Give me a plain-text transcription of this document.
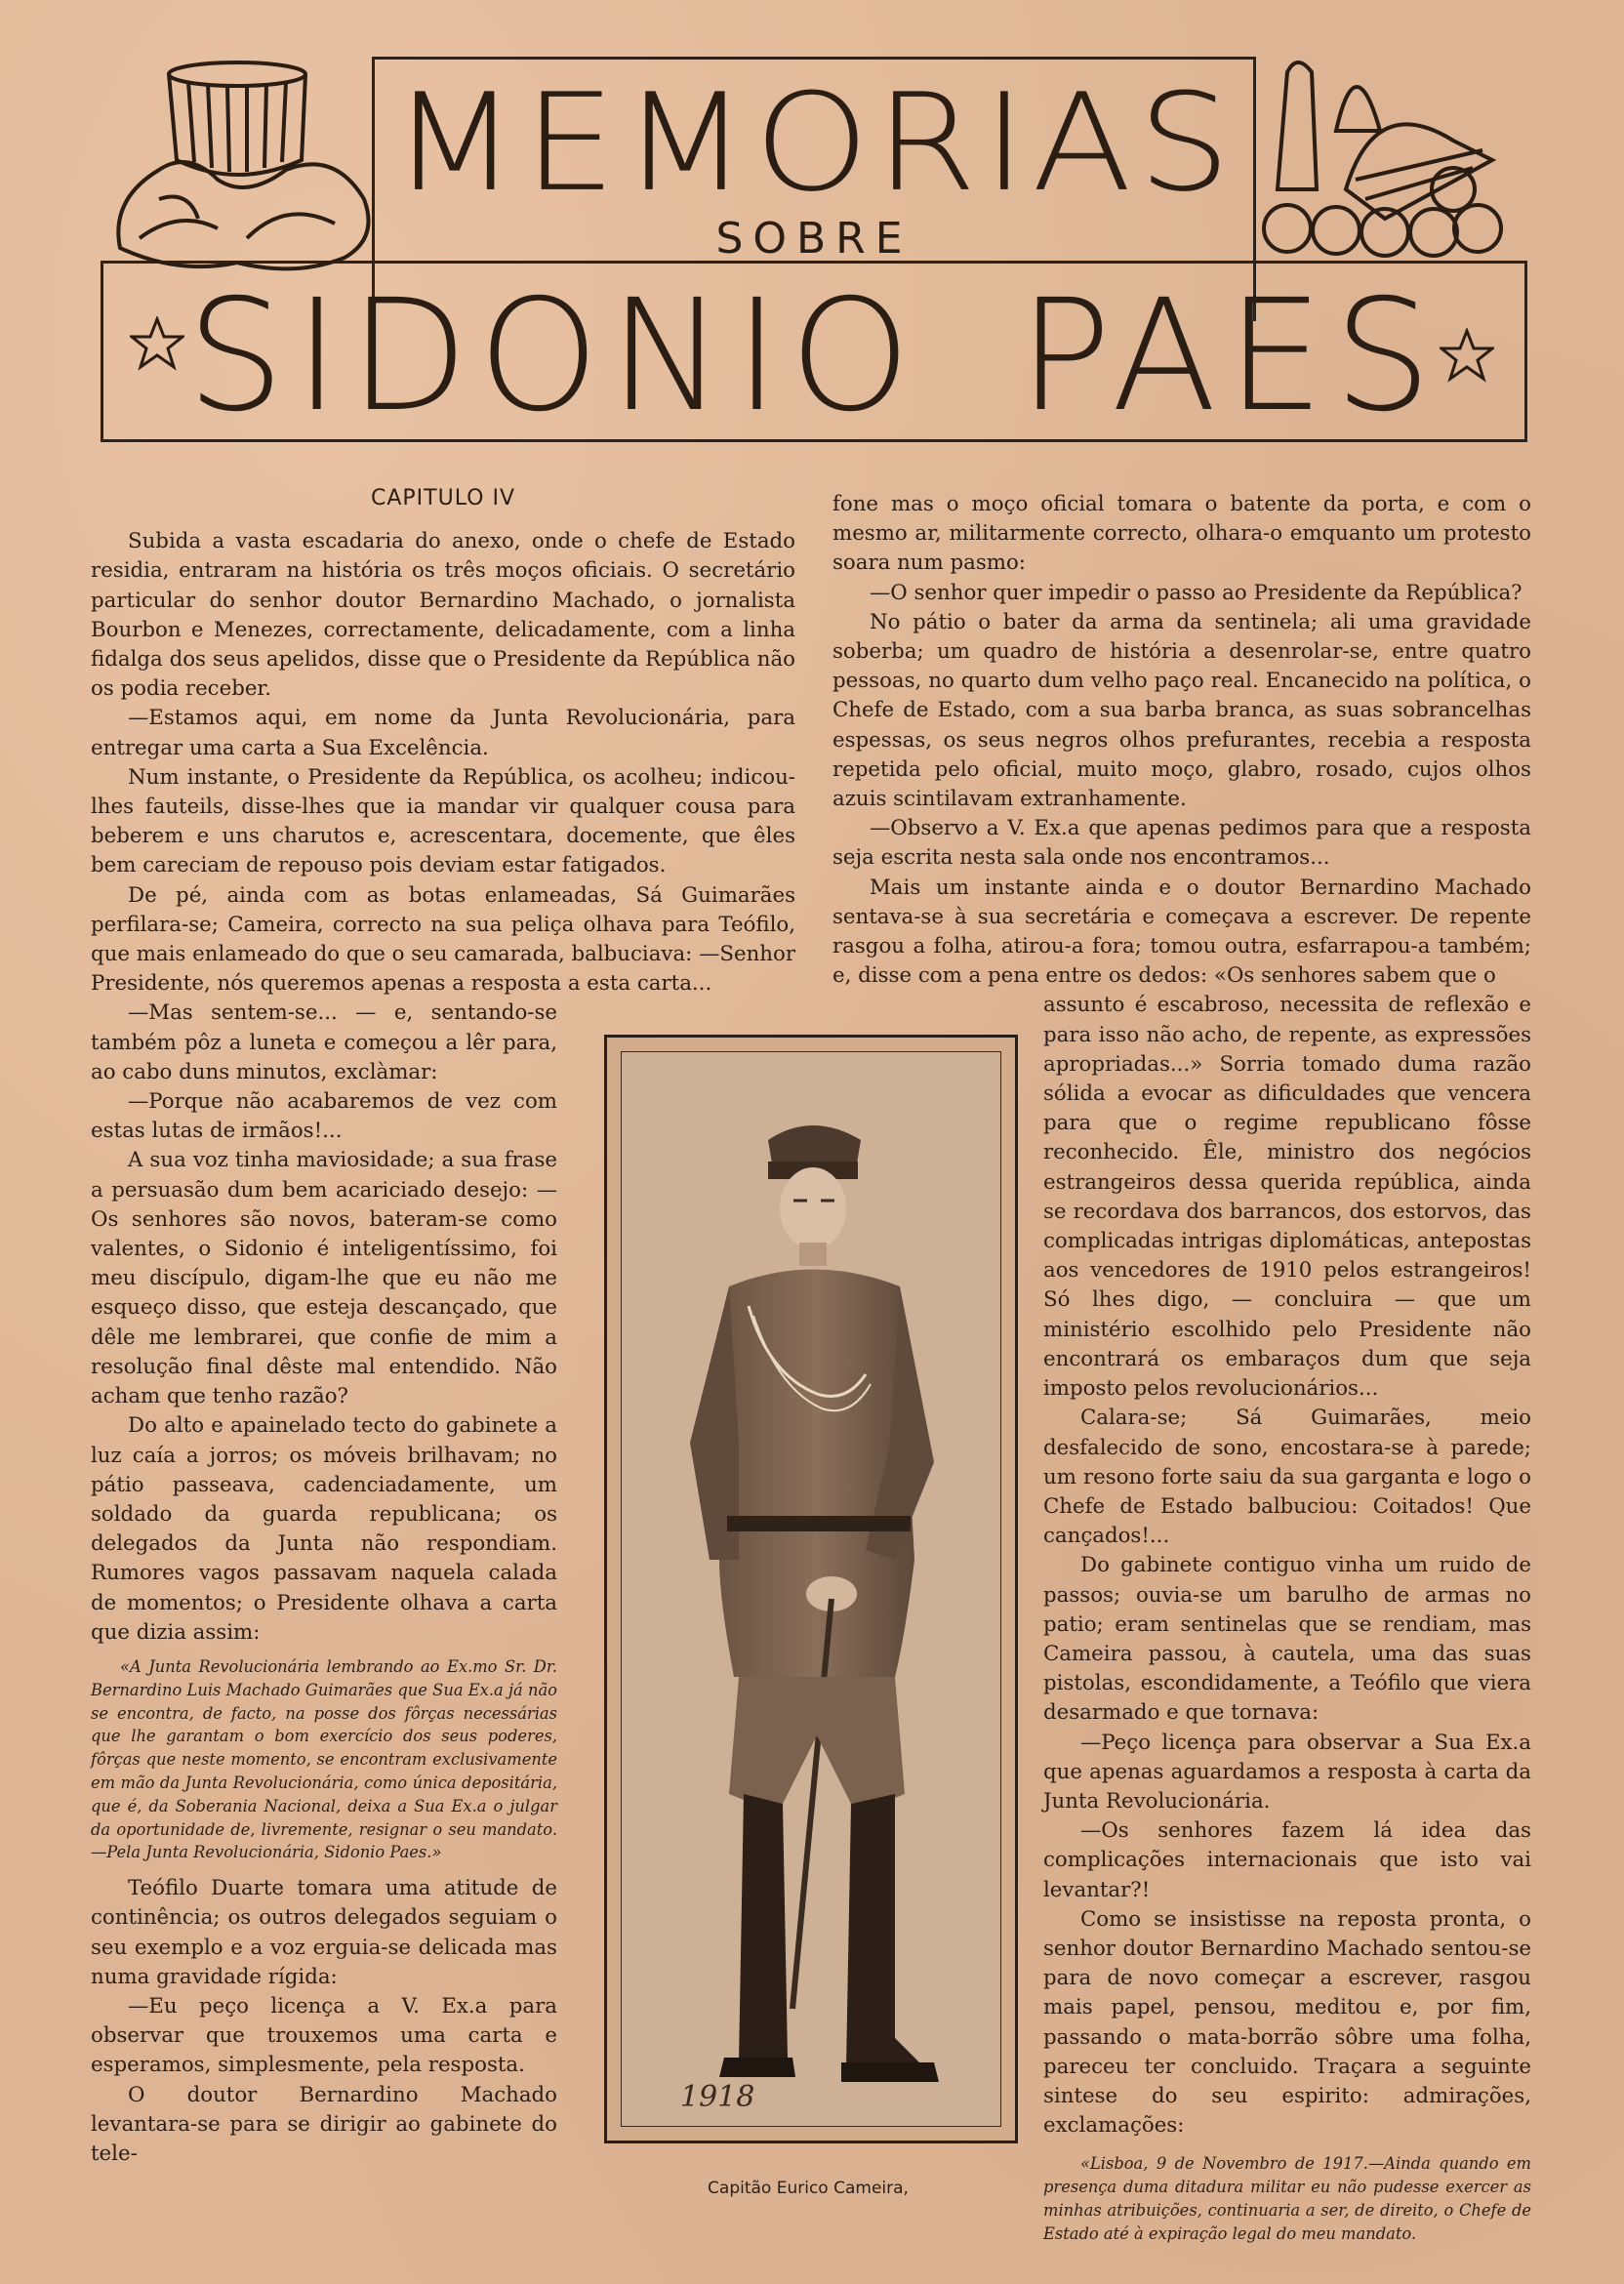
MEMORIAS
SOBRE
SIDONIO PAES
CAPITULO IV

Subida a vasta escadaria do anexo, onde o chefe de Estado residia, entraram na história os três moços oficiais. O secretário particular do senhor doutor Bernardino Machado, o jornalista Bourbon e Menezes, correctamente, delicadamente, com a linha fidalga dos seus apelidos, disse que o Presidente da República não os podia receber.

—Estamos aqui, em nome da Junta Revolucionária, para entregar uma carta a Sua Excelência.

Num instante, o Presidente da República, os acolheu; indicou-lhes fauteils, disse-lhes que ia mandar vir qualquer cousa para beberem e uns charutos e, acrescentara, docemente, que êles bem careciam de repouso pois deviam estar fatigados.

De pé, ainda com as botas enlameadas, Sá Guimarães perfilara-se; Cameira, correcto na sua peliça olhava para Teófilo, que mais enlameado do que o seu camarada, balbuciava: —Senhor Presidente, nós queremos apenas a resposta a esta carta...

—Mas sentem-se... — e, sentando-se também pôz a luneta e começou a lêr para, ao cabo duns minutos, exclàmar:

—Porque não acabaremos de vez com estas lutas de irmãos!...

A sua voz tinha maviosidade; a sua frase a persuasão dum bem acariciado desejo: —Os senhores são novos, bateram-se como valentes, o Sidonio é inteligentíssimo, foi meu discípulo, digam-lhe que eu não me esqueço disso, que esteja descançado, que dêle me lembrarei, que confie de mim a resolução final dêste mal entendido. Não acham que tenho razão?

Do alto e apainelado tecto do gabinete a luz caía a jorros; os móveis brilhavam; no pátio passeava, cadenciadamente, um soldado da guarda republicana; os delegados da Junta não respondiam. Rumores vagos passavam naquela calada de momentos; o Presidente olhava a carta que dizia assim:

«A Junta Revolucionária lembrando ao Ex.mo Sr. Dr. Bernardino Luis Machado Guimarães que Sua Ex.a já não se encontra, de facto, na posse dos fôrças necessárias que lhe garantam o bom exercício dos seus poderes, fôrças que neste momento, se encontram exclusivamente em mão da Junta Revolucionária, como única depositária, que é, da Soberania Nacional, deixa a Sua Ex.a o julgar da oportunidade de, livremente, resignar o seu mandato.—Pela Junta Revolucionária, Sidonio Paes.»

Teófilo Duarte tomara uma atitude de continência; os outros delegados seguiam o seu exemplo e a voz erguia-se delicada mas numa gravidade rígida:

—Eu peço licença a V. Ex.a para observar que trouxemos uma carta e esperamos, simplesmente, pela resposta.

O doutor Bernardino Machado levantara-se para se dirigir ao gabinete do tele-

fone mas o moço oficial tomara o batente da porta, e com o mesmo ar, militarmente correcto, olhara-o emquanto um protesto soara num pasmo:

—O senhor quer impedir o passo ao Presidente da República?

No pátio o bater da arma da sentinela; ali uma gravidade soberba; um quadro de história a desenrolar-se, entre quatro pessoas, no quarto dum velho paço real. Encanecido na política, o Chefe de Estado, com a sua barba branca, as suas sobrancelhas espessas, os seus negros olhos prefurantes, recebia a resposta repetida pelo oficial, muito moço, glabro, rosado, cujos olhos azuis scintilavam extranhamente.

—Observo a V. Ex.a que apenas pedimos para que a resposta seja escrita nesta sala onde nos encontramos...

Mais um instante ainda e o doutor Bernardino Machado sentava-se à sua secretária e começava a escrever. De repente rasgou a folha, atirou-a fora; tomou outra, esfarrapou-a também; e, disse com a pena entre os dedos: «Os senhores sabem que o

assunto é escabroso, necessita de reflexão e para isso não acho, de repente, as expressões apropriadas...» Sorria tomado duma razão sólida a evocar as dificuldades que vencera para que o regime republicano fôsse reconhecido. Êle, ministro dos negócios estrangeiros dessa querida república, ainda se recordava dos barrancos, dos estorvos, das complicadas intrigas diplomáticas, antepostas aos vencedores de 1910 pelos estrangeiros! Só lhes digo, — concluira — que um ministério escolhido pelo Presidente não encontrará os embaraços dum que seja imposto pelos revolucionários...

Calara-se; Sá Guimarães, meio desfalecido de sono, encostara-se à parede; um resono forte saiu da sua garganta e logo o Chefe de Estado balbuciou: Coitados! Que cançados!...

Do gabinete contiguo vinha um ruido de passos; ouvia-se um barulho de armas no patio; eram sentinelas que se rendiam, mas Cameira passou, à cautela, uma das suas pistolas, escondidamente, a Teófilo que viera desarmado e que tornava:

—Peço licença para observar a Sua Ex.a que apenas aguardamos a resposta à carta da Junta Revolucionária.

—Os senhores fazem lá idea das complicações internacionais que isto vai levantar?!

Como se insistisse na reposta pronta, o senhor doutor Bernardino Machado sentou-se para de novo começar a escrever, rasgou mais papel, pensou, meditou e, por fim, passando o mata-borrão sôbre uma folha, pareceu ter concluido. Traçara a seguinte sintese do seu espirito: admirações, exclamações:

«Lisboa, 9 de Novembro de 1917.—Ainda quando em presença duma ditadura militar eu não pudesse exercer as minhas atribuições, continuaria a ser, de direito, o Chefe de Estado até à expiração legal do meu mandato.

1918
Capitão Eurico Cameira,
